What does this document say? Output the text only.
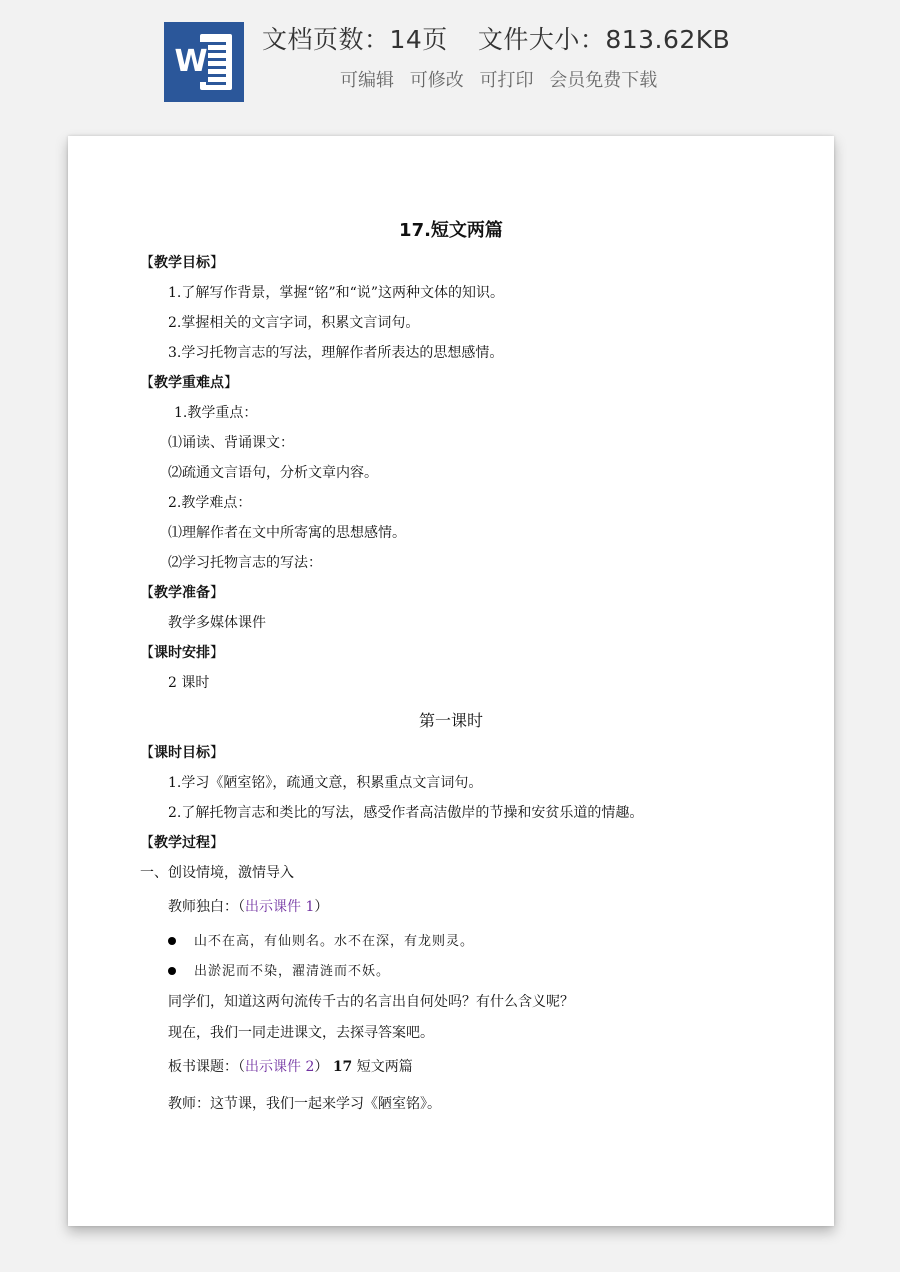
W
文档页数：14页 文件大小：813.62KB
可编辑 可修改 可打印 会员免费下载
17.短文两篇
【教学目标】
1.了解写作背景，掌握“铭”和“说”这两种文体的知识。
2.掌握相关的文言字词，积累文言词句。
3.学习托物言志的写法，理解作者所表达的思想感情。
【教学重难点】
1.教学重点：
⑴诵读、背诵课文：
⑵疏通文言语句，分析文章内容。
2.教学难点：
⑴理解作者在文中所寄寓的思想感情。
⑵学习托物言志的写法：
【教学准备】
教学多媒体课件
【课时安排】
2 课时
第一课时
【课时目标】
1.学习《陋室铭》，疏通文意，积累重点文言词句。
2.了解托物言志和类比的写法，感受作者高洁傲岸的节操和安贫乐道的情趣。
【教学过程】
一、创设情境，激情导入
教师独白：（出示课件 1）
山不在高，有仙则名。水不在深，有龙则灵。
出淤泥而不染，濯清涟而不妖。
同学们，知道这两句流传千古的名言出自何处吗？有什么含义呢？
现在，我们一同走进课文，去探寻答案吧。
板书课题：（出示课件 2） 17 短文两篇
教师：这节课，我们一起来学习《陋室铭》。
